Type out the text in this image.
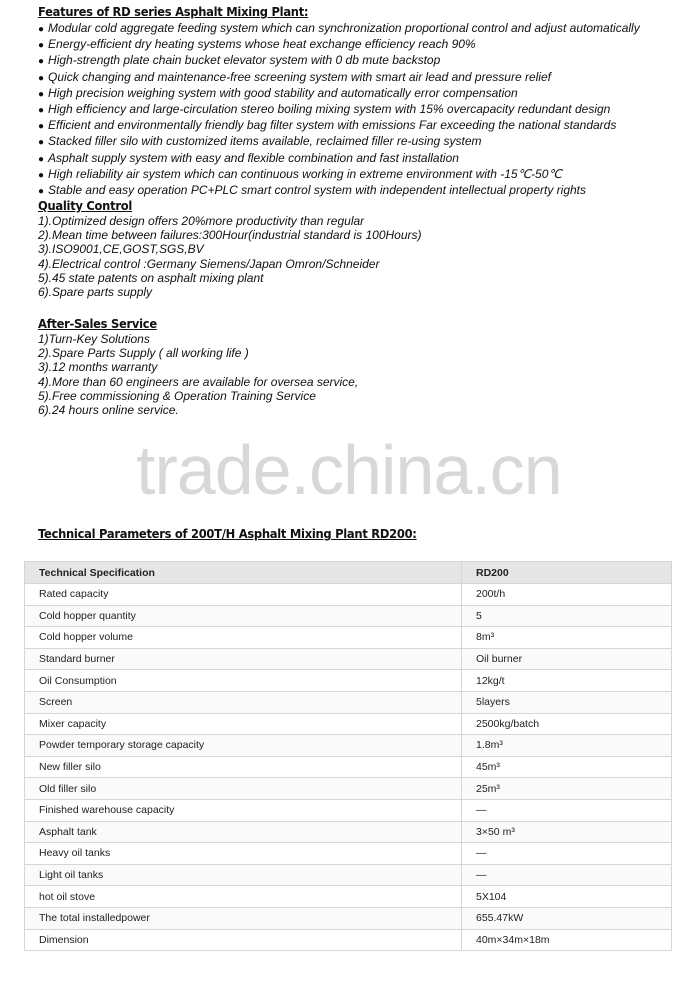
Features of RD series Asphalt Mixing Plant:
● Modular cold aggregate feeding system which can synchronization proportional control and adjust automatically
● Energy-efficient dry heating systems whose heat exchange efficiency reach 90%
● High-strength plate chain bucket elevator system with 0 db mute backstop
● Quick changing and maintenance-free screening system with smart air lead and pressure relief
● High precision weighing system with good stability and automatically error compensation
● High efficiency and large-circulation stereo boiling mixing system with 15% overcapacity redundant design
● Efficient and environmentally friendly bag filter system with emissions Far exceeding the national standards
● Stacked filler silo with customized items available, reclaimed filler re-using system
● Asphalt supply system with easy and flexible combination and fast installation
● High reliability air system which can continuous working in extreme environment with -15℃-50℃
● Stable and easy operation PC+PLC smart control system with independent intellectual property rights
Quality Control
1).Optimized design offers 20%more productivity than regular
2).Mean time between failures:300Hour(industrial standard is 100Hours)
3).ISO9001,CE,GOST,SGS,BV
4).Electrical control :Germany Siemens/Japan Omron/Schneider
5).45 state patents on asphalt mixing plant
6).Spare parts supply
After-Sales Service
1)Turn-Key Solutions
2).Spare Parts Supply ( all working life )
3).12 months warranty
4).More than 60 engineers are available for oversea service,
5).Free commissioning & Operation Training Service
6).24 hours online service.
trade.china.cn
Technical Parameters of 200T/H Asphalt Mixing Plant RD200:
Technical Specification	RD200
Rated capacity	200t/h
Cold hopper quantity	5
Cold hopper volume	8m³
Standard burner	Oil burner
Oil Consumption	12kg/t
Screen	5layers
Mixer capacity	2500kg/batch
Powder temporary storage capacity	1.8m³
New filler silo	45m³
Old filler silo	25m³
Finished warehouse capacity	—
Asphalt tank	3×50 m³
Heavy oil tanks	—
Light oil tanks	—
hot oil stove	5X104
The total installedpower	655.47kW
Dimension	40m×34m×18m
